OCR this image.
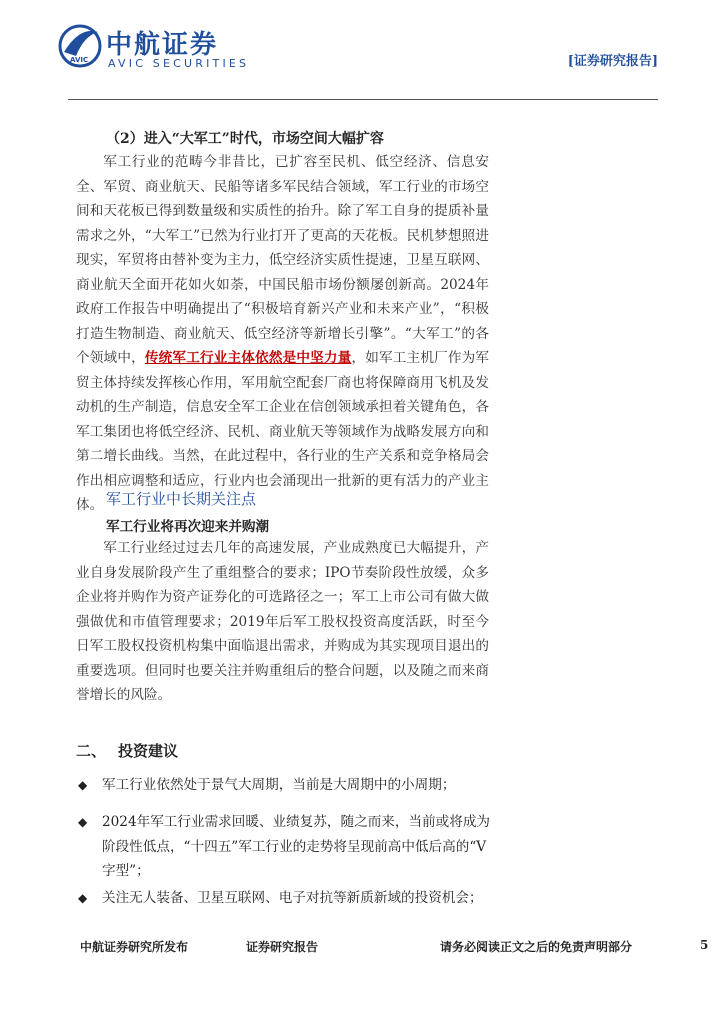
AVIC 中航证券
AVIC SECURITIES	[证券研究报告]
（2）进入“大军工”时代，市场空间大幅扩容
军工行业的范畴今非昔比，已扩容至民机、低空经济、信息安全、军贸、商业航天、民船等诸多军民结合领域，军工行业的市场空间和天花板已得到数量级和实质性的抬升。除了军工自身的提质补量需求之外，“大军工”已然为行业打开了更高的天花板。民机梦想照进现实，军贸将由替补变为主力，低空经济实质性提速，卫星互联网、商业航天全面开花如火如荼，中国民船市场份额屡创新高。2024年政府工作报告中明确提出了“积极培育新兴产业和未来产业”，“积极打造生物制造、商业航天、低空经济等新增长引擎”。“大军工”的各个领域中，传统军工行业主体依然是中坚力量，如军工主机厂作为军贸主体持续发挥核心作用，军用航空配套厂商也将保障商用飞机及发动机的生产制造，信息安全军工企业在信创领域承担着关键角色，各军工集团也将低空经济、民机、商业航天等领域作为战略发展方向和第二增长曲线。当然，在此过程中，各行业的生产关系和竞争格局会作出相应调整和适应，行业内也会涌现出一批新的更有活力的产业主体。 军工行业中长期关注点
军工行业将再次迎来并购潮
军工行业经过过去几年的高速发展，产业成熟度已大幅提升，产业自身发展阶段产生了重组整合的要求；IPO节奏阶段性放缓，众多企业将并购作为资产证券化的可选路径之一；军工上市公司有做大做强做优和市值管理要求；2019年后军工股权投资高度活跃，时至今日军工股权投资机构集中面临退出需求，并购成为其实现项目退出的重要选项。但同时也要关注并购重组后的整合问题，以及随之而来商誉增长的风险。
二、 投资建议
◆ 军工行业依然处于景气大周期，当前是大周期中的小周期；
◆ 2024年军工行业需求回暖、业绩复苏，随之而来，当前或将成为阶段性低点，“十四五”军工行业的走势将呈现前高中低后高的“V字型”；
◆ 关注无人装备、卫星互联网、电子对抗等新质新域的投资机会；
中航证券研究所发布	证券研究报告	请务必阅读正文之后的免责声明部分	5
